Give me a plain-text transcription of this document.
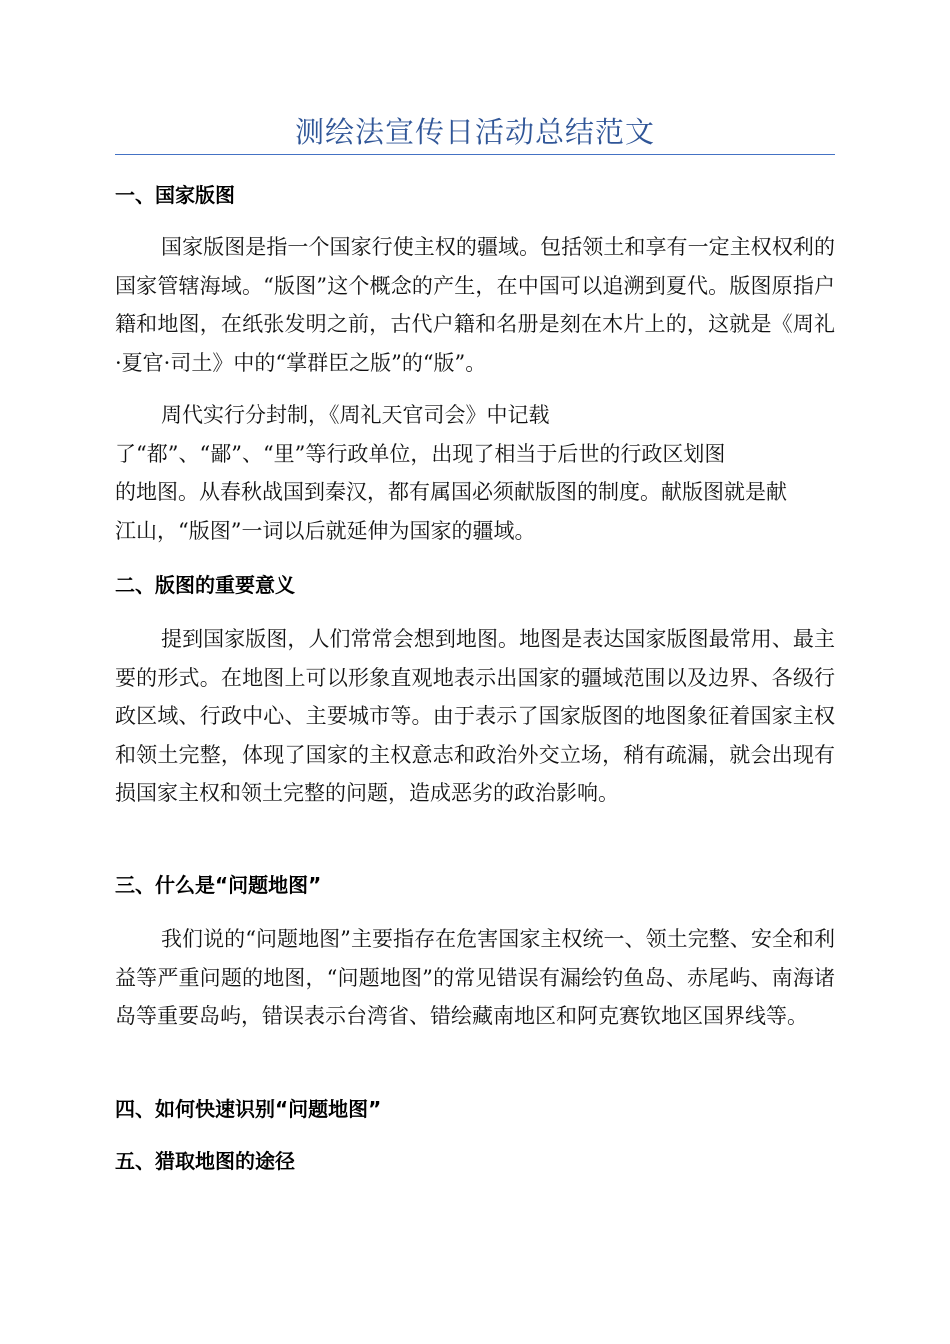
测绘法宣传日活动总结范文
一、国家版图
国家版图是指一个国家行使主权的疆域。包括领土和享有一定主权权利的国家管辖海域。“版图”这个概念的产生，在中国可以追溯到夏代。版图原指户籍和地图，在纸张发明之前，古代户籍和名册是刻在木片上的，这就是《周礼·夏官·司土》中的“掌群臣之版”的“版”。
周代实行分封制，《周礼天官司会》中记载
了“都”、“鄙”、“里”等行政单位，出现了相当于后世的行政区划图
的地图。从春秋战国到秦汉，都有属国必须献版图的制度。献版图就是献
江山，“版图”一词以后就延伸为国家的疆域。
二、版图的重要意义
提到国家版图，人们常常会想到地图。地图是表达国家版图最常用、最主要的形式。在地图上可以形象直观地表示出国家的疆域范围以及边界、各级行政区域、行政中心、主要城市等。由于表示了国家版图的地图象征着国家主权和领土完整，体现了国家的主权意志和政治外交立场，稍有疏漏，就会出现有损国家主权和领土完整的问题，造成恶劣的政治影响。
三、什么是“问题地图”
我们说的“问题地图”主要指存在危害国家主权统一、领土完整、安全和利益等严重问题的地图，“问题地图”的常见错误有漏绘钓鱼岛、赤尾屿、南海诸岛等重要岛屿，错误表示台湾省、错绘藏南地区和阿克赛钦地区国界线等。
四、如何快速识别“问题地图”
五、猎取地图的途径
